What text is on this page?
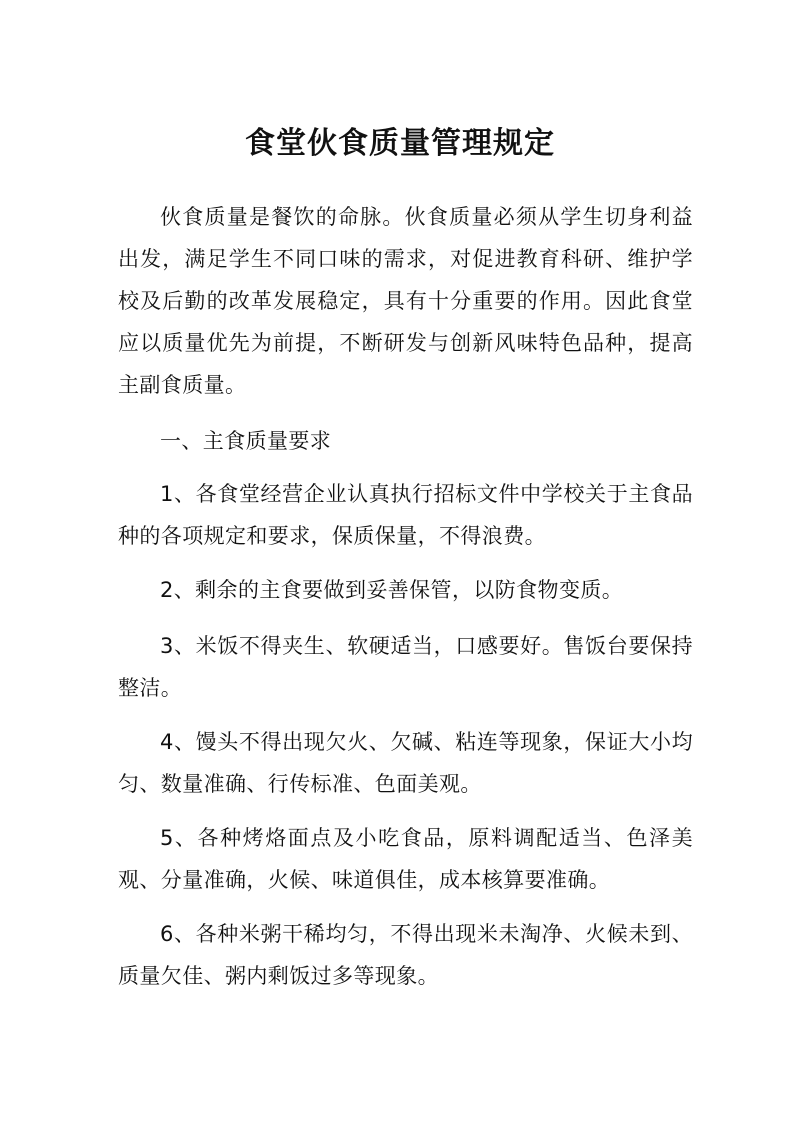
食堂伙食质量管理规定

伙食质量是餐饮的命脉。伙食质量必须从学生切身利益出发，满足学生不同口味的需求，对促进教育科研、维护学校及后勤的改革发展稳定，具有十分重要的作用。因此食堂应以质量优先为前提，不断研发与创新风味特色品种，提高主副食质量。

一、主食质量要求

1、各食堂经营企业认真执行招标文件中学校关于主食品种的各项规定和要求，保质保量，不得浪费。

2、剩余的主食要做到妥善保管，以防食物变质。

3、米饭不得夹生、软硬适当，口感要好。售饭台要保持整洁。

4、馒头不得出现欠火、欠碱、粘连等现象，保证大小均匀、数量准确、行传标准、色面美观。

5、各种烤烙面点及小吃食品，原料调配适当、色泽美观、分量准确，火候、味道俱佳，成本核算要准确。

6、各种米粥干稀均匀，不得出现米未淘净、火候未到、质量欠佳、粥内剩饭过多等现象。
